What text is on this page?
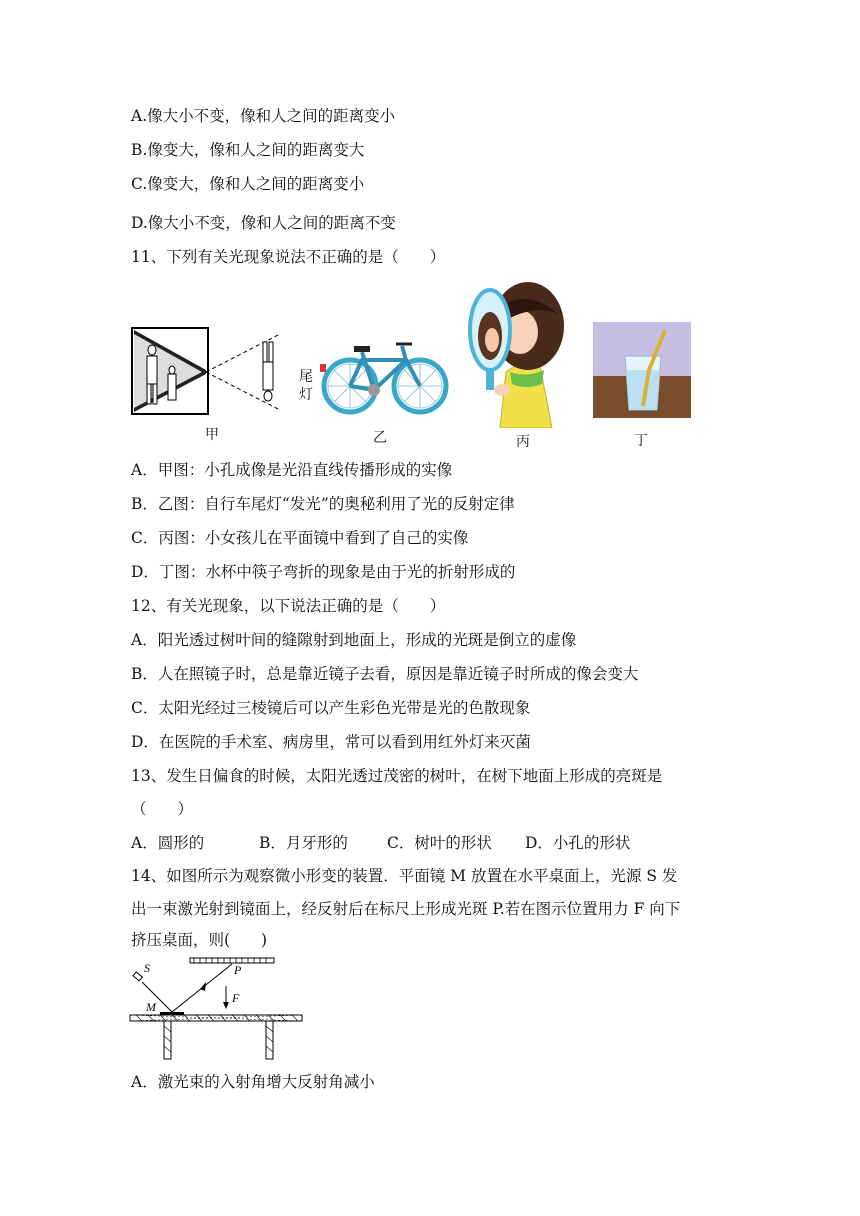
A.像大小不变，像和人之间的距离变小
B.像变大，像和人之间的距离变大
C.像变大，像和人之间的距离变小
D.像大小不变，像和人之间的距离不变
11、下列有关光现象说法不正确的是（　　）
甲
尾
灯
乙	丙	丁
A．甲图：小孔成像是光沿直线传播形成的实像
B．乙图：自行车尾灯“发光”的奥秘利用了光的反射定律
C．丙图：小女孩儿在平面镜中看到了自己的实像
D．丁图：水杯中筷子弯折的现象是由于光的折射形成的
12、有关光现象，以下说法正确的是（　　）
A．阳光透过树叶间的缝隙射到地面上，形成的光斑是倒立的虚像
B．人在照镜子时，总是靠近镜子去看，原因是靠近镜子时所成的像会变大
C．太阳光经过三棱镜后可以产生彩色光带是光的色散现象
D．在医院的手术室、病房里，常可以看到用红外灯来灭菌
13、发生日偏食的时候，太阳光透过茂密的树叶，在树下地面上形成的亮斑是
（　　）
A．圆形的	B．月牙形的	C．树叶的形状 D．小孔的形状
14、如图所示为观察微小形变的装置．平面镜 M 放置在水平桌面上，光源 S 发
出一束激光射到镜面上，经反射后在标尺上形成光斑 P.若在图示位置用力 F 向下
挤压桌面，则(　　)
S
M
P
F
A．激光束的入射角增大反射角减小
